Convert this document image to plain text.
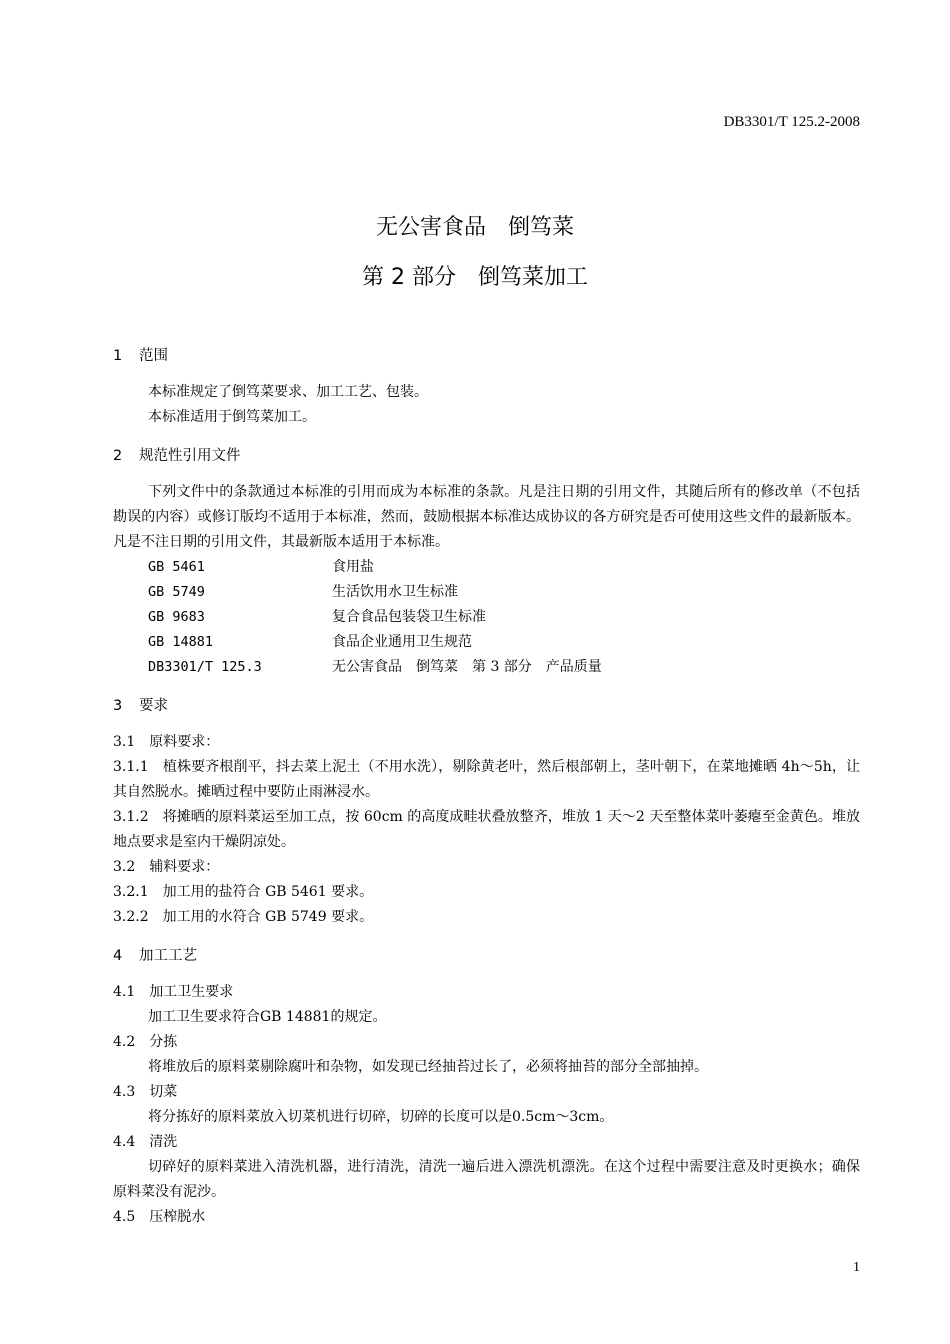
DB3301/T 125.2-2008
无公害食品　倒笃菜
第 2 部分　倒笃菜加工
1 范围
本标准规定了倒笃菜要求、加工工艺、包装。
本标准适用于倒笃菜加工。
2 规范性引用文件
下列文件中的条款通过本标准的引用而成为本标准的条款。凡是注日期的引用文件，其随后所有的修改单（不包括勘误的内容）或修订版均不适用于本标准，然而，鼓励根据本标准达成协议的各方研究是否可使用这些文件的最新版本。凡是不注日期的引用文件，其最新版本适用于本标准。
GB 5461	食用盐
GB 5749	生活饮用水卫生标准
GB 9683	复合食品包装袋卫生标准
GB 14881	食品企业通用卫生规范
DB3301/T 125.3	无公害食品　倒笃菜　第 3 部分　产品质量
3 要求
3.1　原料要求：
3.1.1　植株要齐根削平，抖去菜上泥土（不用水洗），剔除黄老叶，然后根部朝上，茎叶朝下，在菜地摊晒 4h～5h，让其自然脱水。摊晒过程中要防止雨淋浸水。
3.1.2　将摊晒的原料菜运至加工点，按 60cm 的高度成畦状叠放整齐，堆放 1 天～2 天至整体菜叶萎瘪至金黄色。堆放地点要求是室内干燥阴凉处。
3.2　辅料要求：
3.2.1　加工用的盐符合 GB 5461 要求。
3.2.2　加工用的水符合 GB 5749 要求。
4 加工工艺
4.1　加工卫生要求
加工卫生要求符合GB 14881的规定。
4.2　分拣
将堆放后的原料菜剔除腐叶和杂物，如发现已经抽苔过长了，必须将抽苔的部分全部抽掉。
4.3　切菜
将分拣好的原料菜放入切菜机进行切碎，切碎的长度可以是0.5cm～3cm。
4.4　清洗
切碎好的原料菜进入清洗机器，进行清洗，清洗一遍后进入漂洗机漂洗。在这个过程中需要注意及时更换水；确保原料菜没有泥沙。
4.5　压榨脱水
1
